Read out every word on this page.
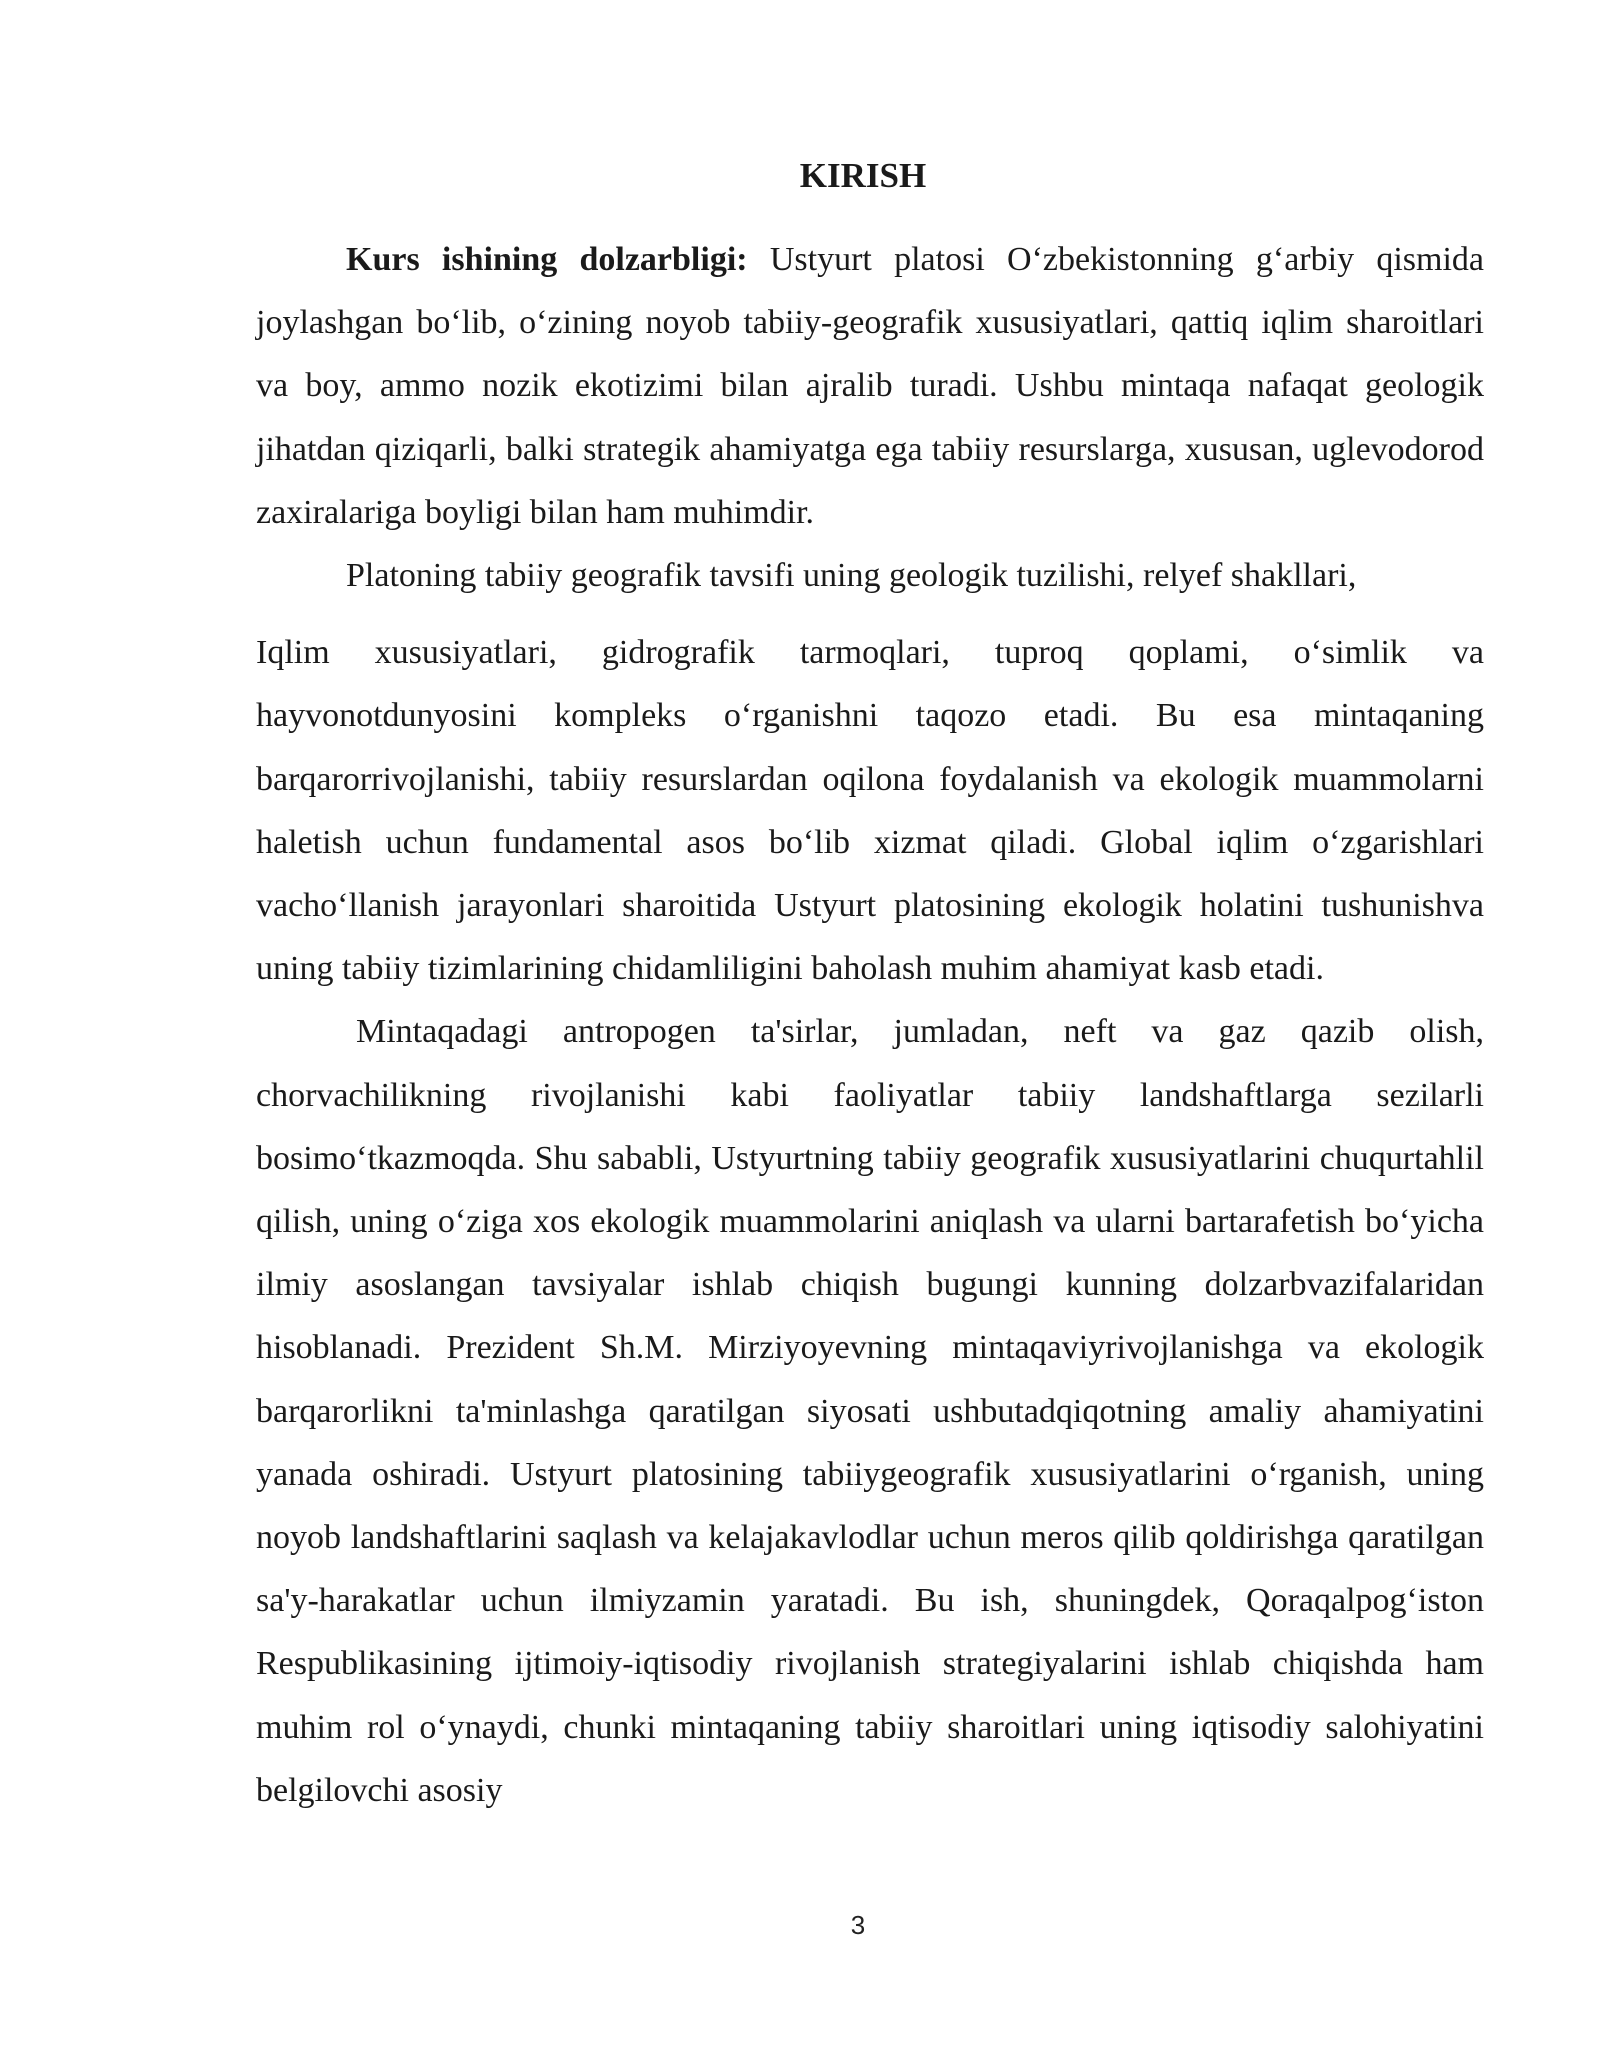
KIRISH

Kurs ishining dolzarbligi: Ustyurt platosi O‘zbekistonning g‘arbiy qismida joylashgan bo‘lib, o‘zining noyob tabiiy-geografik xususiyatlari, qattiq iqlim sharoitlari va boy, ammo nozik ekotizimi bilan ajralib turadi. Ushbu mintaqa nafaqat geologik jihatdan qiziqarli, balki strategik ahamiyatga ega tabiiy resurslarga, xususan, uglevodorod zaxiralariga boyligi bilan ham muhimdir.

Platoning tabiiy geografik tavsifi uning geologik tuzilishi, relyef shakllari,

Iqlim xususiyatlari, gidrografik tarmoqlari, tuproq qoplami, o‘simlik va hayvonotdunyosini kompleks o‘rganishni taqozo etadi. Bu esa mintaqaning barqarorrivojlanishi, tabiiy resurslardan oqilona foydalanish va ekologik muammolarni haletish uchun fundamental asos bo‘lib xizmat qiladi. Global iqlim o‘zgarishlari vacho‘llanish jarayonlari sharoitida Ustyurt platosining ekologik holatini tushunishva uning tabiiy tizimlarining chidamliligini baholash muhim ahamiyat kasb etadi.

Mintaqadagi antropogen ta'sirlar, jumladan, neft va gaz qazib olish, chorvachilikning rivojlanishi kabi faoliyatlar tabiiy landshaftlarga sezilarli bosimo‘tkazmoqda. Shu sababli, Ustyurtning tabiiy geografik xususiyatlarini chuqurtahlil qilish, uning o‘ziga xos ekologik muammolarini aniqlash va ularni bartarafetish bo‘yicha ilmiy asoslangan tavsiyalar ishlab chiqish bugungi kunning dolzarbvazifalaridan hisoblanadi. Prezident Sh.M. Mirziyoyevning mintaqaviyrivojlanishga va ekologik barqarorlikni ta'minlashga qaratilgan siyosati ushbutadqiqotning amaliy ahamiyatini yanada oshiradi. Ustyurt platosining tabiiygeografik xususiyatlarini o‘rganish, uning noyob landshaftlarini saqlash va kelajakavlodlar uchun meros qilib qoldirishga qaratilgan sa'y-harakatlar uchun ilmiyzamin yaratadi. Bu ish, shuningdek, Qoraqalpog‘iston Respublikasining ijtimoiy-iqtisodiy rivojlanish strategiyalarini ishlab chiqishda ham muhim rol o‘ynaydi, chunki mintaqaning tabiiy sharoitlari uning iqtisodiy salohiyatini belgilovchi asosiy

3
